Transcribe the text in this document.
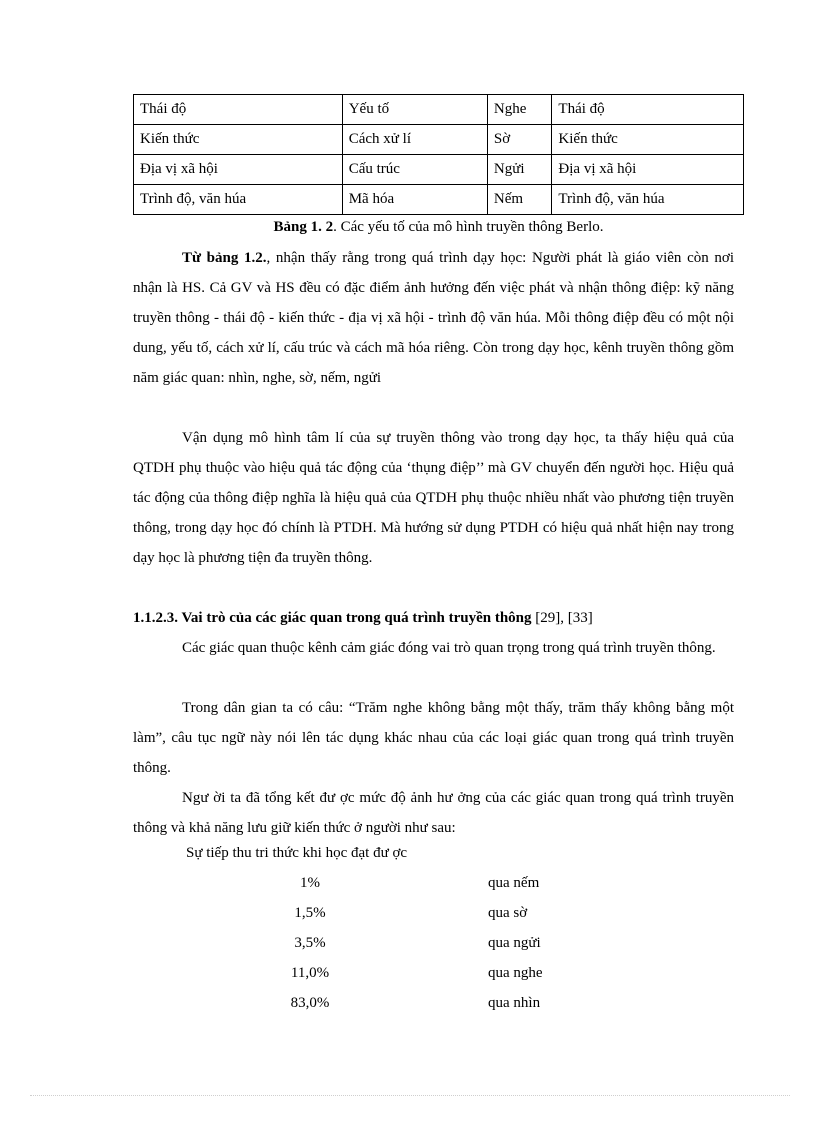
Thái độ	Yếu tố	Nghe	Thái độ
Kiến thức	Cách xử lí	Sờ	Kiến thức
Địa vị xã hội	Cấu trúc	Ngửi	Địa vị xã hội
Trình độ, văn húa	Mã hóa	Nếm	Trình độ, văn húa
Bảng 1. 2. Các yếu tố của mô hình truyền thông Berlo.
Từ bảng 1.2., nhận thấy rằng trong quá trình dạy học: Người phát là giáo viên còn nơi nhận là HS. Cả GV và HS đều có đặc điểm ảnh hưởng đến việc phát và nhận thông điệp: kỹ năng truyền thông - thái độ - kiến thức - địa vị xã hội - trình độ văn húa. Mỗi thông điệp đều có một nội dung, yếu tố, cách xử lí, cấu trúc và cách mã hóa riêng. Còn trong dạy học, kênh truyền thông gồm năm giác quan: nhìn, nghe, sờ, nếm, ngửi
Vận dụng mô hình tâm lí của sự truyền thông vào trong dạy học, ta thấy hiệu quả của QTDH phụ thuộc vào hiệu quả tác động của ‘thụng điệp’’ mà GV chuyển đến người học. Hiệu quả tác động của thông điệp nghĩa là hiệu quả của QTDH phụ thuộc nhiều nhất vào phương tiện truyền thông, trong dạy học đó chính là PTDH. Mà hướng sử dụng PTDH có hiệu quả nhất hiện nay trong dạy học là phương tiện đa truyền thông.
1.1.2.3. Vai trò của các giác quan trong quá trình truyền thông [29], [33]
Các giác quan thuộc kênh cảm giác đóng vai trò quan trọng trong quá trình truyền thông.
Trong dân gian ta có câu: “Trăm nghe không bằng một thấy, trăm thấy không bằng một làm”, câu tục ngữ này nói lên tác dụng khác nhau của các loại giác quan trong quá trình truyền thông.
Ngư ời ta đã tổng kết đư ợc mức độ ảnh hư ởng của các giác quan trong quá trình truyền thông và khả năng lưu giữ kiến thức ở người như sau:
Sự tiếp thu tri thức khi học đạt đư ợc
1%	qua nếm
1,5%	qua sờ
3,5%	qua ngửi
11,0%	qua nghe
83,0%	qua nhìn
